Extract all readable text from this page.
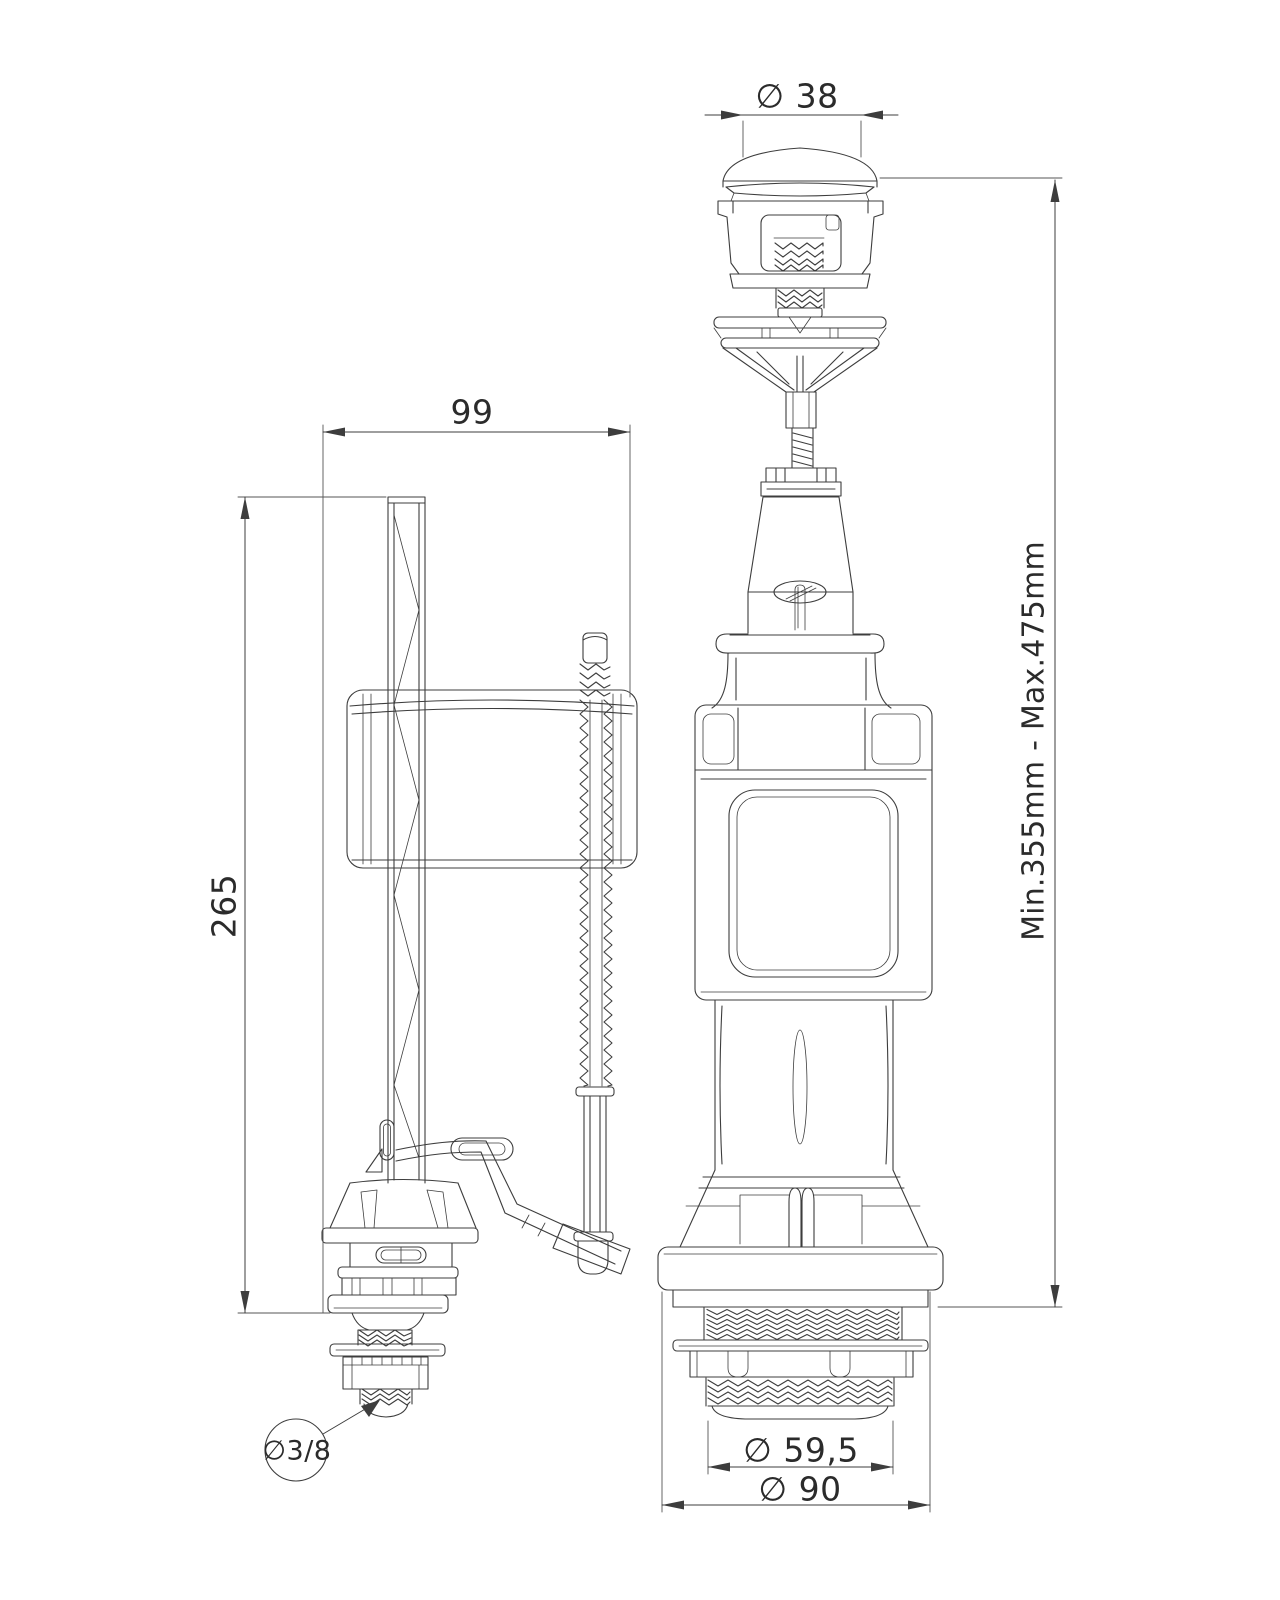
∅ 38
99
265	Min.355mm - Max.475mm
∅ 59,5
∅ 90
∅3/8
